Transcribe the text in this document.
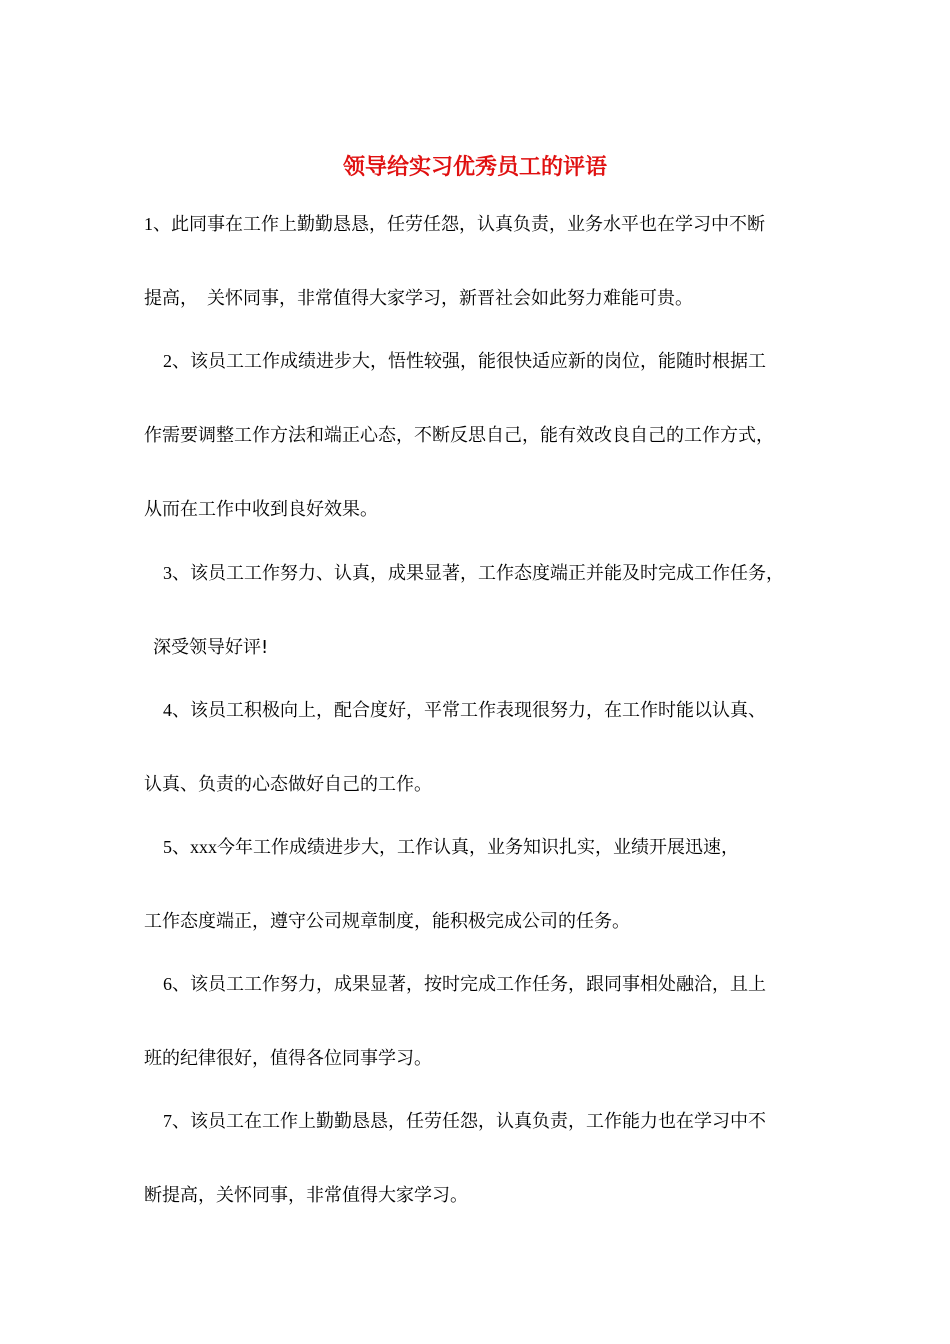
领导给实习优秀员工的评语

1、此同事在工作上勤勤恳恳，任劳任怨，认真负责，业务水平也在学习中不断

提高，　关怀同事，非常值得大家学习，新晋社会如此努力难能可贵。

2、该员工工作成绩进步大，悟性较强，能很快适应新的岗位，能随时根据工

作需要调整工作方法和端正心态，不断反思自己，能有效改良自己的工作方式，

从而在工作中收到良好效果。

3、该员工工作努力、认真，成果显著，工作态度端正并能及时完成工作任务，

深受领导好评!

4、该员工积极向上，配合度好，平常工作表现很努力，在工作时能以认真、

认真、负责的心态做好自己的工作。

5、xxx今年工作成绩进步大，工作认真，业务知识扎实，业绩开展迅速，

工作态度端正，遵守公司规章制度，能积极完成公司的任务。

6、该员工工作努力，成果显著，按时完成工作任务，跟同事相处融洽，且上

班的纪律很好，值得各位同事学习。

7、该员工在工作上勤勤恳恳，任劳任怨，认真负责，工作能力也在学习中不

断提高，关怀同事，非常值得大家学习。
